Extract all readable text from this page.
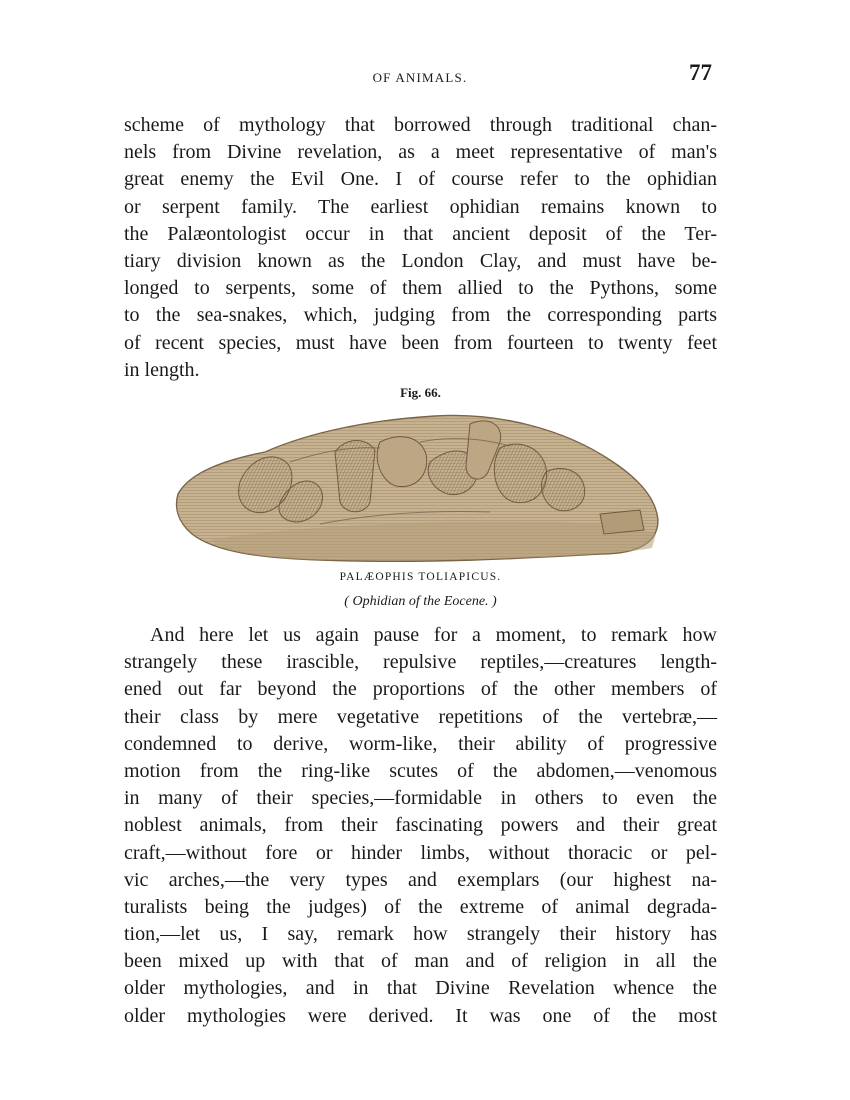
OF ANIMALS.	77
scheme of mythology that borrowed through traditional chan-
nels from Divine revelation, as a meet representative of man's
great enemy the Evil One. I of course refer to the ophidian
or serpent family. The earliest ophidian remains known to
the Palæontologist occur in that ancient deposit of the Ter-
tiary division known as the London Clay, and must have be-
longed to serpents, some of them allied to the Pythons, some
to the sea-snakes, which, judging from the corresponding parts
of recent species, must have been from fourteen to twenty feet
in length.
Fig. 66.
PALÆOPHIS TOLIAPICUS.
( Ophidian of the Eocene. )
And here let us again pause for a moment, to remark how
strangely these irascible, repulsive reptiles,—creatures length-
ened out far beyond the proportions of the other members of
their class by mere vegetative repetitions of the vertebræ,—
condemned to derive, worm-like, their ability of progressive
motion from the ring-like scutes of the abdomen,—venomous
in many of their species,—formidable in others to even the
noblest animals, from their fascinating powers and their great
craft,—without fore or hinder limbs, without thoracic or pel-
vic arches,—the very types and exemplars (our highest na-
turalists being the judges) of the extreme of animal degrada-
tion,—let us, I say, remark how strangely their history has
been mixed up with that of man and of religion in all the
older mythologies, and in that Divine Revelation whence the
older mythologies were derived. It was one of the most
